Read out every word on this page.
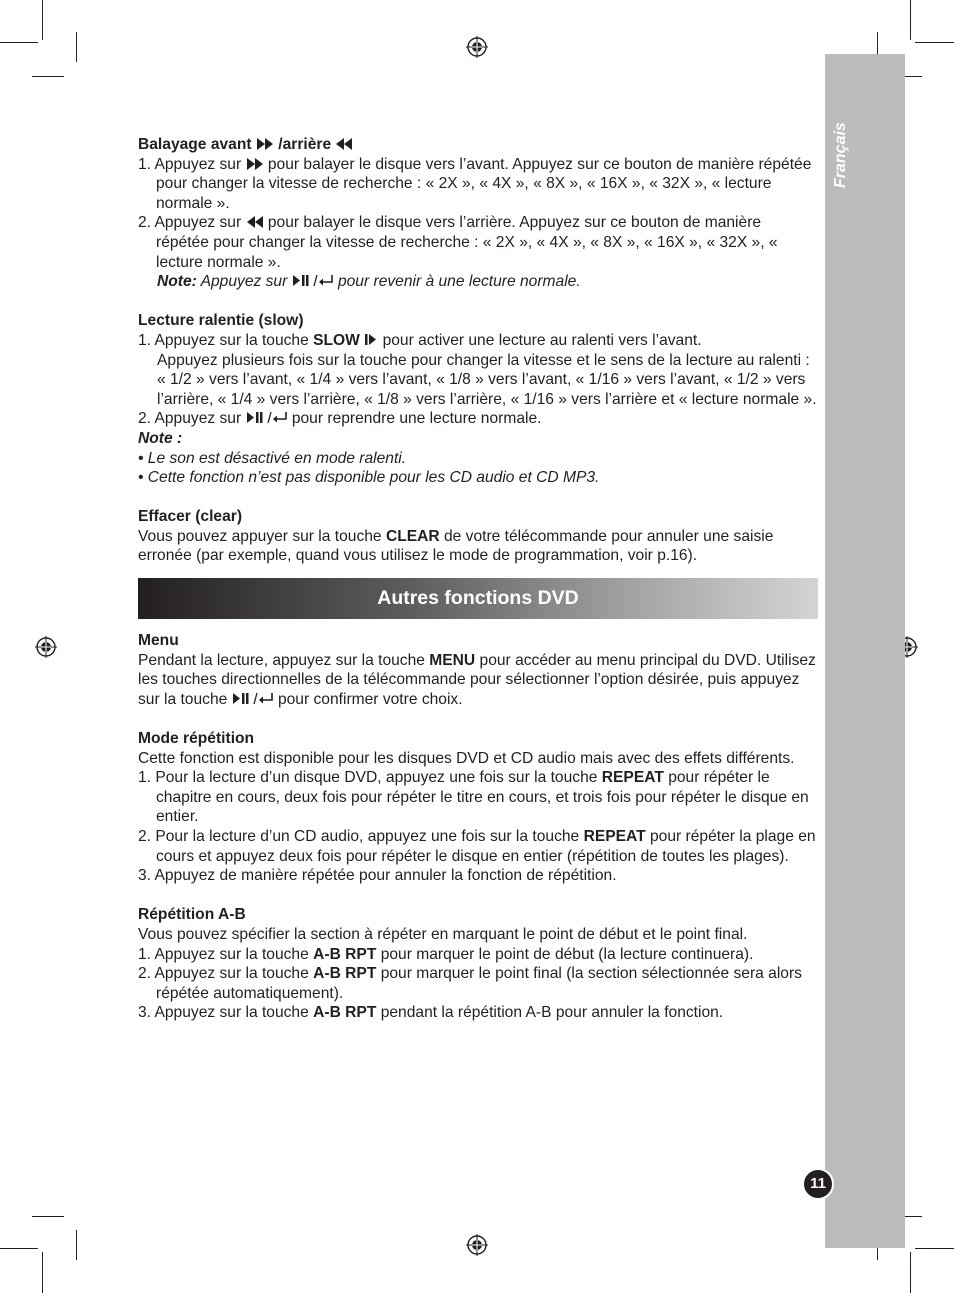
Français
11

Balayage avant /arrière

1. Appuyez sur  pour balayer le disque vers l’avant. Appuyez sur ce bouton de manière répétée pour changer la vitesse de recherche : « 2X », « 4X », « 8X », « 16X », « 32X », « lecture normale ».

2. Appuyez sur  pour balayer le disque vers l’arrière. Appuyez sur ce bouton de manière répétée pour changer la vitesse de recherche : « 2X », « 4X », « 8X », « 16X », « 32X », « lecture normale ».

Note: Appuyez sur	pour revenir à une lecture normale.

Lecture ralentie (slow)

1. Appuyez sur la touche SLOW  pour activer une lecture au ralenti vers l’avant.

Appuyez plusieurs fois sur la touche pour changer la vitesse et le sens de la lecture au ralenti : « 1/2 » vers l’avant, « 1/4 » vers l’avant, « 1/8 » vers l’avant, « 1/16 » vers l’avant, « 1/2 » vers l’arrière, « 1/4 » vers l’arrière, « 1/8 » vers l’arrière, « 1/16 » vers l’arrière et « lecture normale ».

2. Appuyez sur	pour reprendre une lecture normale.

Note :

• Le son est désactivé en mode ralenti.

• Cette fonction n’est pas disponible pour les CD audio et CD MP3.

Effacer (clear)

Vous pouvez appuyer sur la touche CLEAR de votre télécommande pour annuler une saisie erronée (par exemple, quand vous utilisez le mode de programmation, voir p.16).

Autres fonctions DVD

Menu

Pendant la lecture, appuyez sur la touche MENU pour accéder au menu principal du DVD. Utilisez les touches directionnelles de la télécommande pour sélectionner l’option désirée, puis appuyez sur la touche	pour confirmer votre choix.

Mode répétition

Cette fonction est disponible pour les disques DVD et CD audio mais avec des effets différents.

1. Pour la lecture d’un disque DVD, appuyez une fois sur la touche REPEAT pour répéter le chapitre en cours, deux fois pour répéter le titre en cours, et trois fois pour répéter le disque en entier.

2. Pour la lecture d’un CD audio, appuyez une fois sur la touche REPEAT pour répéter la plage en cours et appuyez deux fois pour répéter le disque en entier (répétition de toutes les plages).

3. Appuyez de manière répétée pour annuler la fonction de répétition.

Répétition A-B

Vous pouvez spécifier la section à répéter en marquant le point de début et le point final.

1. Appuyez sur la touche A-B RPT pour marquer le point de début (la lecture continuera).

2. Appuyez sur la touche A-B RPT pour marquer le point final (la section sélectionnée sera alors répétée automatiquement).

3. Appuyez sur la touche A-B RPT pendant la répétition A-B pour annuler la fonction.
